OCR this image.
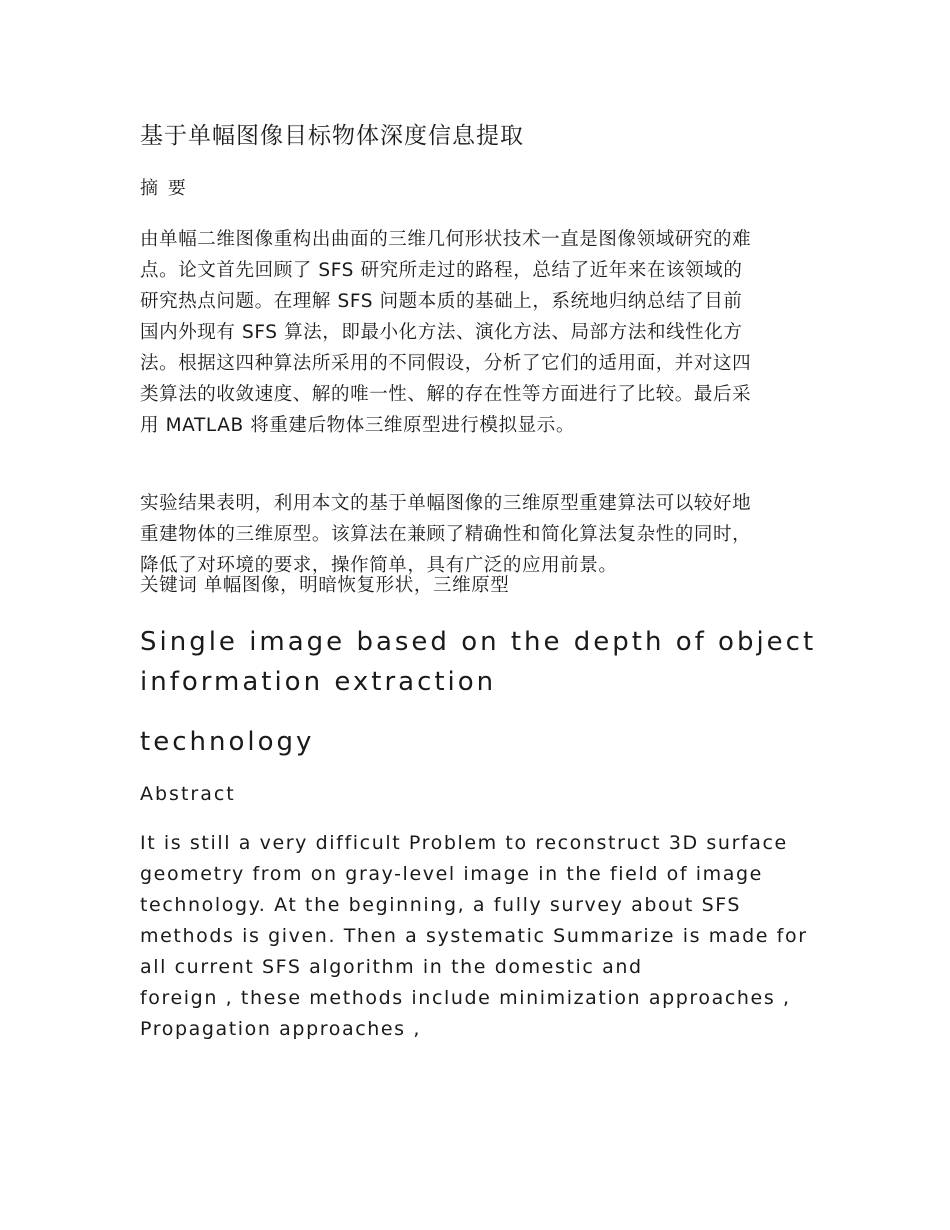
基于单幅图像目标物体深度信息提取
摘 要
由单幅二维图像重构出曲面的三维几何形状技术一直是图像领域研究的难
点。论文首先回顾了 SFS 研究所走过的路程，总结了近年来在该领域的
研究热点问题。在理解 SFS 问题本质的基础上，系统地归纳总结了目前
国内外现有 SFS 算法，即最小化方法、演化方法、局部方法和线性化方
法。根据这四种算法所采用的不同假设，分析了它们的适用面，并对这四
类算法的收敛速度、解的唯一性、解的存在性等方面进行了比较。最后采
用 MATLAB 将重建后物体三维原型进行模拟显示。
实验结果表明，利用本文的基于单幅图像的三维原型重建算法可以较好地
重建物体的三维原型。该算法在兼顾了精确性和简化算法复杂性的同时，
降低了对环境的要求，操作简单，具有广泛的应用前景。
关键词 单幅图像，明暗恢复形状，三维原型
Single image based on the depth of object
information extraction
technology
Abstract
It is still a very difficult Problem to reconstruct 3D surface
geometry from on gray-level image in the field of image
technology. At the beginning, a fully survey about SFS
methods is given. Then a systematic Summarize is made for
all current SFS algorithm in the domestic and
foreign , these methods include minimization approaches ,
Propagation approaches ,
